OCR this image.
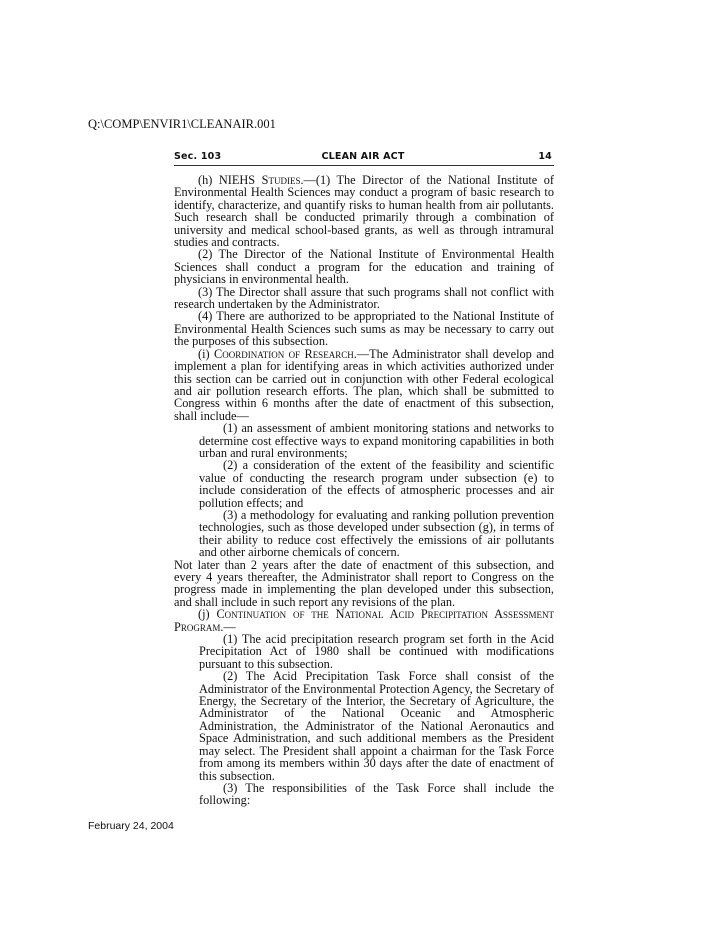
Q:\COMP\ENVIR1\CLEANAIR.001
Sec. 103	CLEAN AIR ACT	14

(h) NIEHS Studies.—(1) The Director of the National Institute of Environmental Health Sciences may conduct a program of basic research to identify, characterize, and quantify risks to human health from air pollutants. Such research shall be conducted primarily through a combination of university and medical school-based grants, as well as through intramural studies and contracts.

(2) The Director of the National Institute of Environmental Health Sciences shall conduct a program for the education and training of physicians in environmental health.

(3) The Director shall assure that such programs shall not conflict with research undertaken by the Administrator.

(4) There are authorized to be appropriated to the National Institute of Environmental Health Sciences such sums as may be necessary to carry out the purposes of this subsection.

(i) Coordination of Research.—The Administrator shall develop and implement a plan for identifying areas in which activities authorized under this section can be carried out in conjunction with other Federal ecological and air pollution research efforts. The plan, which shall be submitted to Congress within 6 months after the date of enactment of this subsection, shall include—

(1) an assessment of ambient monitoring stations and networks to determine cost effective ways to expand monitoring capabilities in both urban and rural environments;

(2) a consideration of the extent of the feasibility and scientific value of conducting the research program under subsection (e) to include consideration of the effects of atmospheric processes and air pollution effects; and

(3) a methodology for evaluating and ranking pollution prevention technologies, such as those developed under subsection (g), in terms of their ability to reduce cost effectively the emissions of air pollutants and other airborne chemicals of concern.

Not later than 2 years after the date of enactment of this subsection, and every 4 years thereafter, the Administrator shall report to Congress on the progress made in implementing the plan developed under this subsection, and shall include in such report any revisions of the plan.

(j) Continuation of the National Acid Precipitation Assessment Program.—

(1) The acid precipitation research program set forth in the Acid Precipitation Act of 1980 shall be continued with modifications pursuant to this subsection.

(2) The Acid Precipitation Task Force shall consist of the Administrator of the Environmental Protection Agency, the Secretary of Energy, the Secretary of the Interior, the Secretary of Agriculture, the Administrator of the National Oceanic and Atmospheric Administration, the Administrator of the National Aeronautics and Space Administration, and such additional members as the President may select. The President shall appoint a chairman for the Task Force from among its members within 30 days after the date of enactment of this subsection.

(3) The responsibilities of the Task Force shall include the following:

February 24, 2004
